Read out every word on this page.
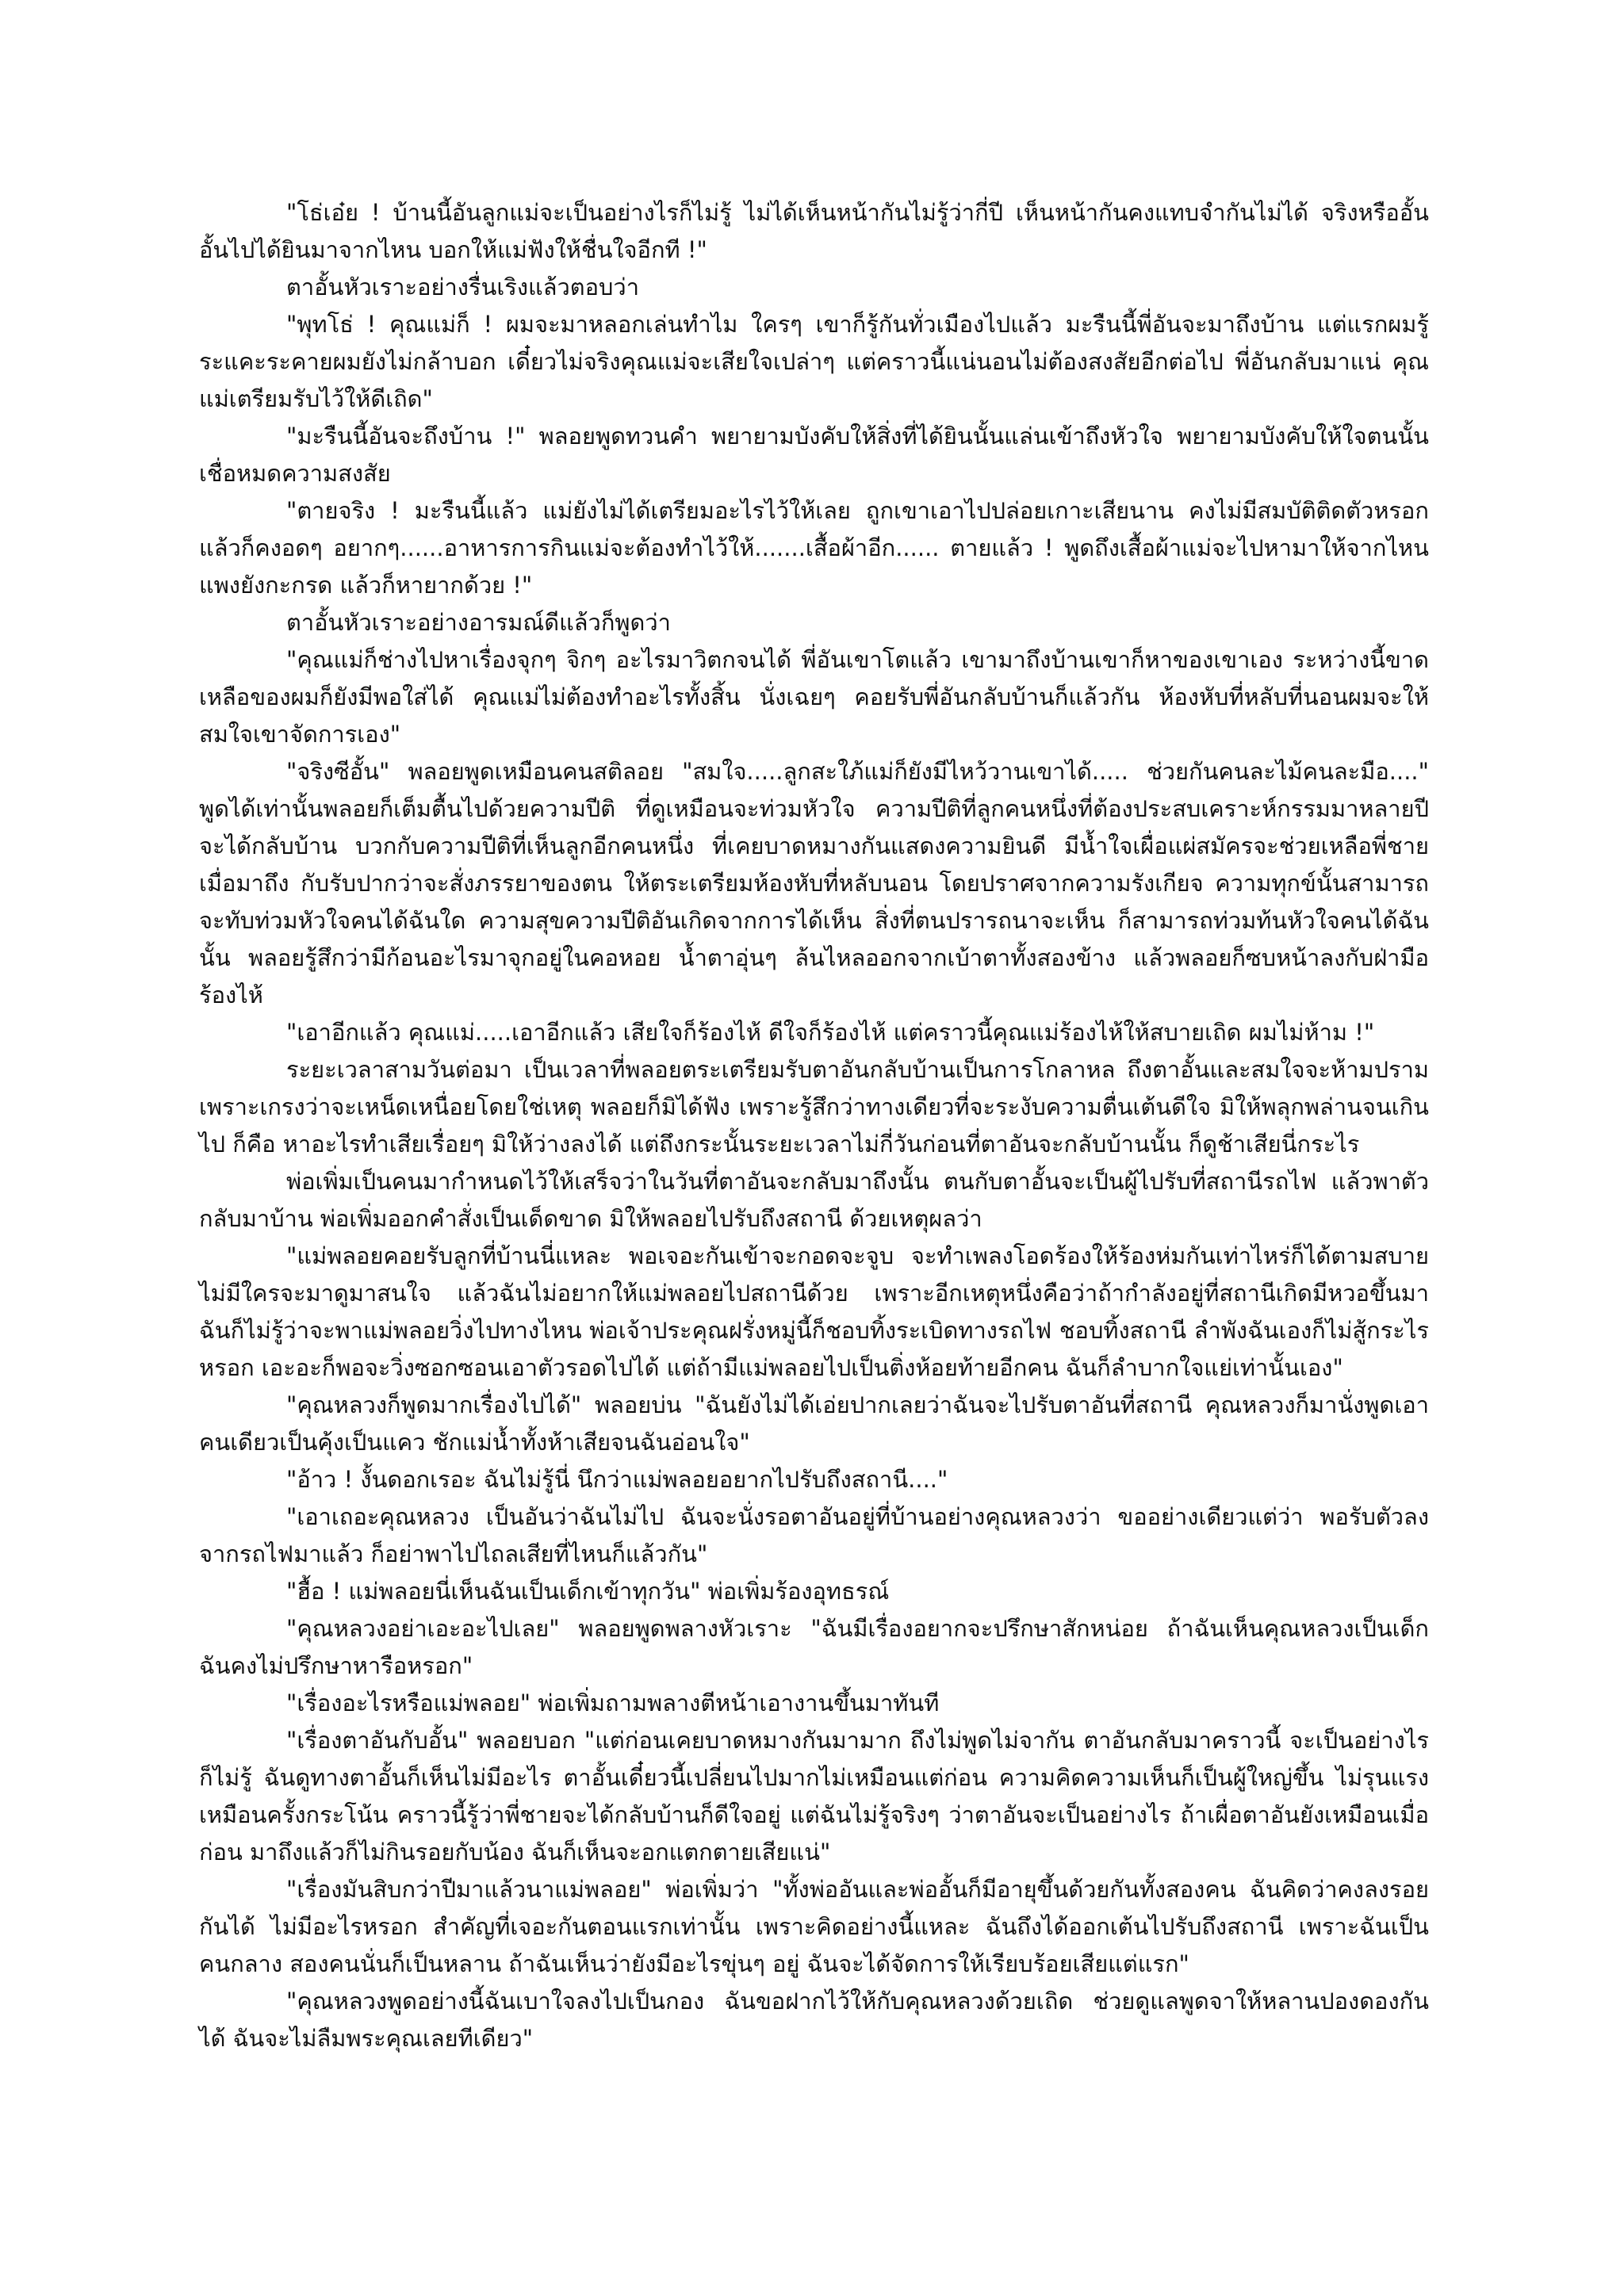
"โธ่เอ๋ย ! บ้านนี้อันลูกแม่จะเป็นอย่างไรก็ไม่รู้ ไม่ได้เห็นหน้ากันไม่รู้ว่ากี่ปี เห็นหน้ากันคงแทบจำกันไม่ได้ จริงหรืออั้น อั้นไปได้ยินมาจากไหน บอกให้แม่ฟังให้ชื่นใจอีกที !"

ตาอั้นหัวเราะอย่างรื่นเริงแล้วตอบว่า

"พุทโธ่ ! คุณแม่ก็ ! ผมจะมาหลอกเล่นทำไม ใครๆ เขาก็รู้กันทั่วเมืองไปแล้ว มะรืนนี้พี่อันจะมาถึงบ้าน แต่แรกผมรู้ระแคะระคายผมยังไม่กล้าบอก เดี๋ยวไม่จริงคุณแม่จะเสียใจเปล่าๆ แต่คราวนี้แน่นอนไม่ต้องสงสัยอีกต่อไป พี่อันกลับมาแน่ คุณแม่เตรียมรับไว้ให้ดีเถิด"

"มะรืนนี้อันจะถึงบ้าน !" พลอยพูดทวนคำ พยายามบังคับให้สิ่งที่ได้ยินนั้นแล่นเข้าถึงหัวใจ พยายามบังคับให้ใจตนนั้นเชื่อหมดความสงสัย

"ตายจริง ! มะรืนนี้แล้ว แม่ยังไม่ได้เตรียมอะไรไว้ให้เลย ถูกเขาเอาไปปล่อยเกาะเสียนาน คงไม่มีสมบัติติดตัวหรอก แล้วก็คงอดๆ อยากๆ......อาหารการกินแม่จะต้องทำไว้ให้.......เสื้อผ้าอีก...... ตายแล้ว ! พูดถึงเสื้อผ้าแม่จะไปหามาให้จากไหน แพงยังกะกรด แล้วก็หายากด้วย !"

ตาอั้นหัวเราะอย่างอารมณ์ดีแล้วก็พูดว่า

"คุณแม่ก็ช่างไปหาเรื่องจุกๆ จิกๆ อะไรมาวิตกจนได้ พี่อันเขาโตแล้ว เขามาถึงบ้านเขาก็หาของเขาเอง ระหว่างนี้ขาดเหลือของผมก็ยังมีพอใส่ได้ คุณแม่ไม่ต้องทำอะไรทั้งสิ้น นั่งเฉยๆ คอยรับพี่อันกลับบ้านก็แล้วกัน ห้องหับที่หลับที่นอนผมจะให้สมใจเขาจัดการเอง"

"จริงซีอั้น" พลอยพูดเหมือนคนสติลอย "สมใจ.....ลูกสะใภ้แม่ก็ยังมีไหว้วานเขาได้..... ช่วยกันคนละไม้คนละมือ...." พูดได้เท่านั้นพลอยก็เต็มตื้นไปด้วยความปีติ ที่ดูเหมือนจะท่วมหัวใจ ความปีติที่ลูกคนหนึ่งที่ต้องประสบเคราะห์กรรมมาหลายปี จะได้กลับบ้าน บวกกับความปีติที่เห็นลูกอีกคนหนึ่ง ที่เคยบาดหมางกันแสดงความยินดี มีน้ำใจเผื่อแผ่สมัครจะช่วยเหลือพี่ชายเมื่อมาถึง กับรับปากว่าจะสั่งภรรยาของตน ให้ตระเตรียมห้องหับที่หลับนอน โดยปราศจากความรังเกียจ ความทุกข์นั้นสามารถจะทับท่วมหัวใจคนได้ฉันใด ความสุขความปีติอันเกิดจากการได้เห็น สิ่งที่ตนปรารถนาจะเห็น ก็สามารถท่วมท้นหัวใจคนได้ฉันนั้น พลอยรู้สึกว่ามีก้อนอะไรมาจุกอยู่ในคอหอย น้ำตาอุ่นๆ ล้นไหลออกจากเบ้าตาทั้งสองข้าง แล้วพลอยก็ซบหน้าลงกับฝ่ามือร้องไห้

"เอาอีกแล้ว คุณแม่.....เอาอีกแล้ว เสียใจก็ร้องไห้ ดีใจก็ร้องไห้ แต่คราวนี้คุณแม่ร้องไห้ให้สบายเถิด ผมไม่ห้าม !"

ระยะเวลาสามวันต่อมา เป็นเวลาที่พลอยตระเตรียมรับตาอันกลับบ้านเป็นการโกลาหล ถึงตาอั้นและสมใจจะห้ามปรามเพราะเกรงว่าจะเหน็ดเหนื่อยโดยใช่เหตุ พลอยก็มิได้ฟัง เพราะรู้สึกว่าทางเดียวที่จะระงับความตื่นเต้นดีใจ มิให้พลุกพล่านจนเกินไป ก็คือ หาอะไรทำเสียเรื่อยๆ มิให้ว่างลงได้ แต่ถึงกระนั้นระยะเวลาไม่กี่วันก่อนที่ตาอันจะกลับบ้านนั้น ก็ดูช้าเสียนี่กระไร

พ่อเพิ่มเป็นคนมากำหนดไว้ให้เสร็จว่าในวันที่ตาอันจะกลับมาถึงนั้น ตนกับตาอั้นจะเป็นผู้ไปรับที่สถานีรถไฟ แล้วพาตัวกลับมาบ้าน พ่อเพิ่มออกคำสั่งเป็นเด็ดขาด มิให้พลอยไปรับถึงสถานี ด้วยเหตุผลว่า

"แม่พลอยคอยรับลูกที่บ้านนี่แหละ พอเจอะกันเข้าจะกอดจะจูบ จะทำเพลงโอดร้องให้ร้องห่มกันเท่าไหร่ก็ได้ตามสบาย ไม่มีใครจะมาดูมาสนใจ แล้วฉันไม่อยากให้แม่พลอยไปสถานีด้วย เพราะอีกเหตุหนึ่งคือว่าถ้ากำลังอยู่ที่สถานีเกิดมีหวอขึ้นมา ฉันก็ไม่รู้ว่าจะพาแม่พลอยวิ่งไปทางไหน พ่อเจ้าประคุณฝรั่งหมู่นี้ก็ชอบทิ้งระเบิดทางรถไฟ ชอบทิ้งสถานี ลำพังฉันเองก็ไม่สู้กระไรหรอก เอะอะก็พอจะวิ่งซอกซอนเอาตัวรอดไปได้ แต่ถ้ามีแม่พลอยไปเป็นติ่งห้อยท้ายอีกคน ฉันก็ลำบากใจแย่เท่านั้นเอง"

"คุณหลวงก็พูดมากเรื่องไปได้" พลอยบ่น "ฉันยังไม่ได้เอ่ยปากเลยว่าฉันจะไปรับตาอันที่สถานี คุณหลวงก็มานั่งพูดเอาคนเดียวเป็นคุ้งเป็นแคว ชักแม่น้ำทั้งห้าเสียจนฉันอ่อนใจ"

"อ้าว ! งั้นดอกเรอะ ฉันไม่รู้นี่ นึกว่าแม่พลอยอยากไปรับถึงสถานี...."

"เอาเถอะคุณหลวง เป็นอันว่าฉันไม่ไป ฉันจะนั่งรอตาอันอยู่ที่บ้านอย่างคุณหลวงว่า ขออย่างเดียวแต่ว่า พอรับตัวลงจากรถไฟมาแล้ว ก็อย่าพาไปไถลเสียที่ไหนก็แล้วกัน"

"ฮื้อ ! แม่พลอยนี่เห็นฉันเป็นเด็กเข้าทุกวัน" พ่อเพิ่มร้องอุทธรณ์

"คุณหลวงอย่าเอะอะไปเลย" พลอยพูดพลางหัวเราะ "ฉันมีเรื่องอยากจะปรึกษาสักหน่อย ถ้าฉันเห็นคุณหลวงเป็นเด็ก ฉันคงไม่ปรึกษาหารือหรอก"

"เรื่องอะไรหรือแม่พลอย" พ่อเพิ่มถามพลางตีหน้าเอางานขึ้นมาทันที

"เรื่องตาอันกับอั้น" พลอยบอก "แต่ก่อนเคยบาดหมางกันมามาก ถึงไม่พูดไม่จากัน ตาอันกลับมาคราวนี้ จะเป็นอย่างไรก็ไม่รู้ ฉันดูทางตาอั้นก็เห็นไม่มีอะไร ตาอั้นเดี๋ยวนี้เปลี่ยนไปมากไม่เหมือนแต่ก่อน ความคิดความเห็นก็เป็นผู้ใหญ่ขึ้น ไม่รุนแรงเหมือนครั้งกระโน้น คราวนี้รู้ว่าพี่ชายจะได้กลับบ้านก็ดีใจอยู่ แต่ฉันไม่รู้จริงๆ ว่าตาอันจะเป็นอย่างไร ถ้าเผื่อตาอันยังเหมือนเมื่อก่อน มาถึงแล้วก็ไม่กินรอยกับน้อง ฉันก็เห็นจะอกแตกตายเสียแน่"

"เรื่องมันสิบกว่าปีมาแล้วนาแม่พลอย" พ่อเพิ่มว่า "ทั้งพ่ออันและพ่ออั้นก็มีอายุขึ้นด้วยกันทั้งสองคน ฉันคิดว่าคงลงรอยกันได้ ไม่มีอะไรหรอก สำคัญที่เจอะกันตอนแรกเท่านั้น เพราะคิดอย่างนี้แหละ ฉันถึงได้ออกเต้นไปรับถึงสถานี เพราะฉันเป็นคนกลาง สองคนนั่นก็เป็นหลาน ถ้าฉันเห็นว่ายังมีอะไรขุ่นๆ อยู่ ฉันจะได้จัดการให้เรียบร้อยเสียแต่แรก"

"คุณหลวงพูดอย่างนี้ฉันเบาใจลงไปเป็นกอง ฉันขอฝากไว้ให้กับคุณหลวงด้วยเถิด ช่วยดูแลพูดจาให้หลานปองดองกันได้ ฉันจะไม่ลืมพระคุณเลยทีเดียว"
